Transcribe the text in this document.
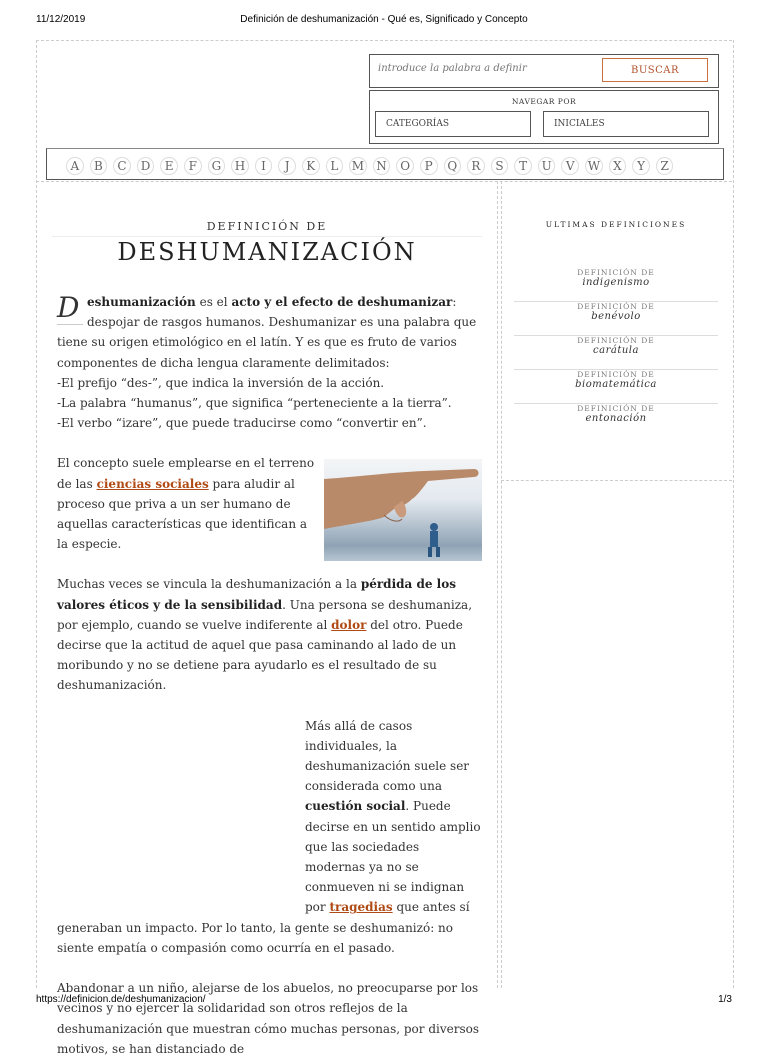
11/12/2019	Definición de deshumanización - Qué es, Significado y Concepto
introduce la palabra a definir
BUSCAR
NAVEGAR POR
CATEGORÍAS	INICIALES
A	B	C	D	E	F	G	H	I	J	K	L	M	N	O	P	Q	R	S	T	U	V	W	X	Y	Z
DEFINICIÓN DE
DESHUMANIZACIÓN

D eshumanización es el acto y el efecto de deshumanizar: despojar de rasgos humanos. Deshumanizar es una palabra que tiene su origen etimológico en el latín. Y es que es fruto de varios componentes de dicha lengua claramente delimitados:
-El prefijo “des-”, que indica la inversión de la acción.
-La palabra “humanus”, que significa “perteneciente a la tierra”.
-El verbo “izare”, que puede traducirse como “convertir en”.

El concepto suele emplearse en el terreno de las ciencias sociales para aludir al proceso que priva a un ser humano de aquellas características que identifican a la especie.

Muchas veces se vincula la deshumanización a la pérdida de los valores éticos y de la sensibilidad. Una persona se deshumaniza, por ejemplo, cuando se vuelve indiferente al dolor del otro. Puede decirse que la actitud de aquel que pasa caminando al lado de un moribundo y no se detiene para ayudarlo es el resultado de su deshumanización.

Más allá de casos individuales, la deshumanización suele ser considerada como una cuestión social. Puede decirse en un sentido amplio que las sociedades modernas ya no se conmueven ni se indignan por tragedias que antes sí generaban un impacto. Por lo tanto, la gente se deshumanizó: no siente empatía o compasión como ocurría en el pasado.

Abandonar a un niño, alejarse de los abuelos, no preocuparse por los vecinos y no ejercer la solidaridad son otros reflejos de la deshumanización que muestran cómo muchas personas, por diversos motivos, se han distanciado de

ULTIMAS DEFINICIONES
DEFINICIÓN DE
indigenismo
DEFINICIÓN DE
benévolo
DEFINICIÓN DE
carátula
DEFINICIÓN DE
biomatemática
DEFINICIÓN DE
entonación
https://definicion.de/deshumanizacion/	1/3
